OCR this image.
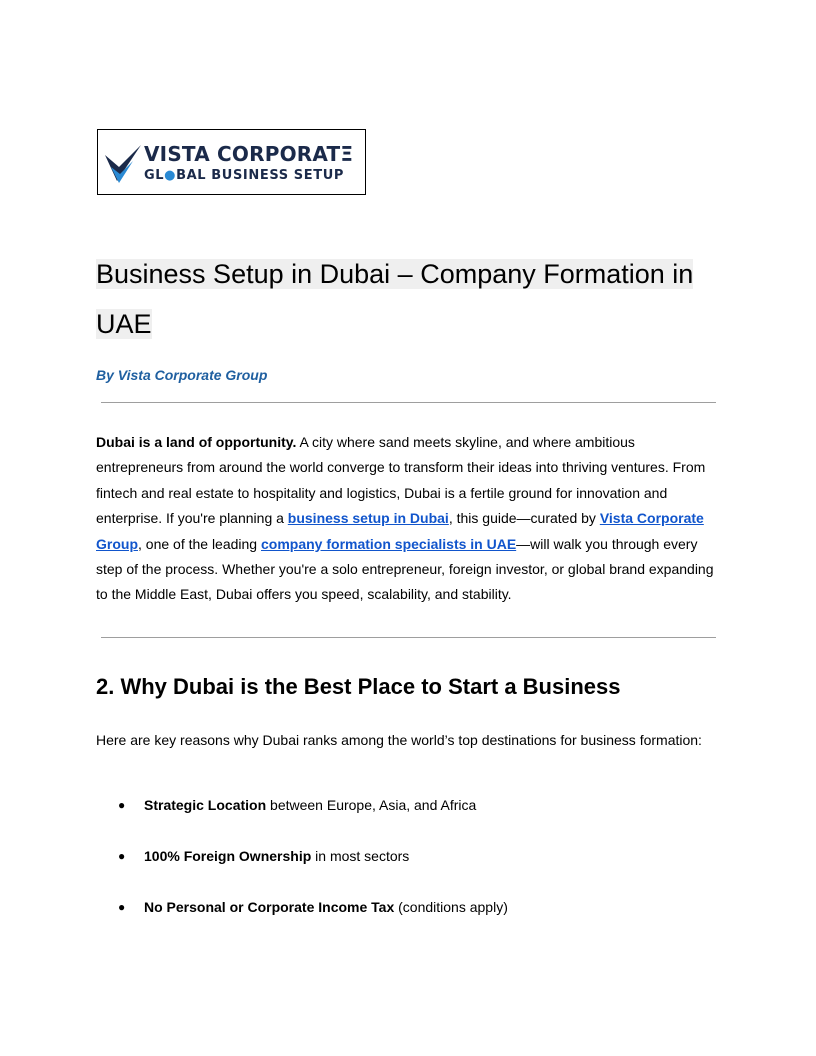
VISTA CORPORATΞ
GL●BAL BUSINESS SETUP
Business Setup in Dubai – Company Formation in UAE

By Vista Corporate Group

Dubai is a land of opportunity. A city where sand meets skyline, and where ambitious entrepreneurs from around the world converge to transform their ideas into thriving ventures. From fintech and real estate to hospitality and logistics, Dubai is a fertile ground for innovation and enterprise. If you're planning a business setup in Dubai, this guide—curated by Vista Corporate Group, one of the leading company formation specialists in UAE—will walk you through every step of the process. Whether you're a solo entrepreneur, foreign investor, or global brand expanding to the Middle East, Dubai offers you speed, scalability, and stability.

2. Why Dubai is the Best Place to Start a Business

Here are key reasons why Dubai ranks among the world’s top destinations for business formation:

● Strategic Location between Europe, Asia, and Africa
● 100% Foreign Ownership in most sectors
● No Personal or Corporate Income Tax (conditions apply)
